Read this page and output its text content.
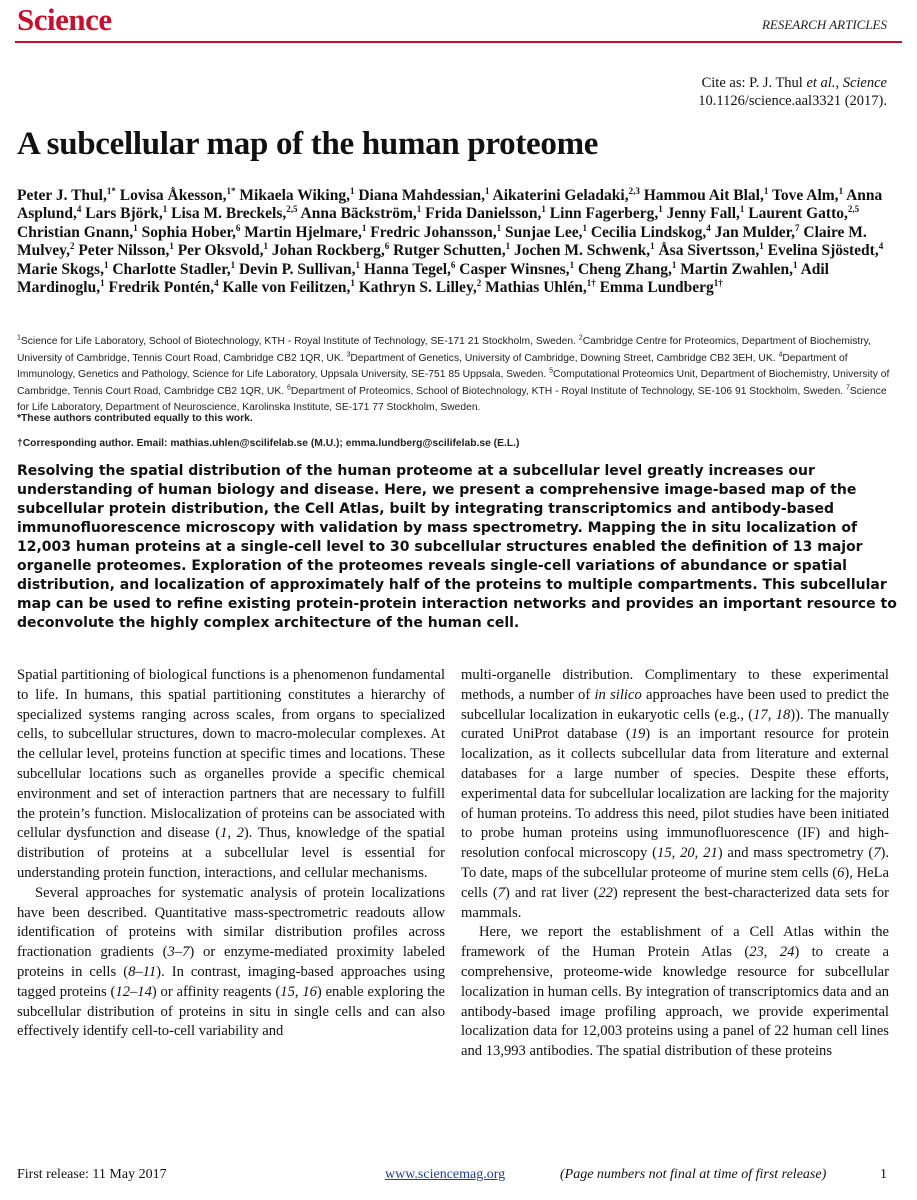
Science	RESEARCH ARTICLES
Cite as: P. J. Thul et al., Science
10.1126/science.aal3321 (2017).
A subcellular map of the human proteome
Peter J. Thul,$^{1*}$ Lovisa Åkesson,$^{1*}$ Mikaela Wiking,$^1$ Diana Mahdessian,$^1$ Aikaterini Geladaki,$^{2,3}$ Hammou Ait Blal,$^1$ Tove Alm,$^1$ Anna Asplund,$^4$ Lars Björk,$^1$ Lisa M. Breckels,$^{2,5}$ Anna Bäckström,$^1$ Frida Danielsson,$^1$ Linn Fagerberg,$^1$ Jenny Fall,$^1$ Laurent Gatto,$^{2,5}$ Christian Gnann,$^1$ Sophia Hober,$^6$ Martin Hjelmare,$^1$ Fredric Johansson,$^1$ Sunjae Lee,$^1$ Cecilia Lindskog,$^4$ Jan Mulder,$^7$ Claire M. Mulvey,$^2$ Peter Nilsson,$^1$ Per Oksvold,$^1$ Johan Rockberg,$^6$ Rutger Schutten,$^1$ Jochen M. Schwenk,$^1$ Åsa Sivertsson,$^1$ Evelina Sjöstedt,$^4$ Marie Skogs,$^1$ Charlotte Stadler,$^1$ Devin P. Sullivan,$^1$ Hanna Tegel,$^6$ Casper Winsnes,$^1$ Cheng Zhang,$^1$ Martin Zwahlen,$^1$ Adil Mardinoglu,$^1$ Fredrik Pontén,$^4$ Kalle von Feilitzen,$^1$ Kathryn S. Lilley,$^2$ Mathias Uhlén,$^{1\dagger}$ Emma Lundberg$^{1\dagger}$
$^1$Science for Life Laboratory, School of Biotechnology, KTH - Royal Institute of Technology, SE-171 21 Stockholm, Sweden. $^2$Cambridge Centre for Proteomics, Department of Biochemistry, University of Cambridge, Tennis Court Road, Cambridge CB2 1QR, UK. $^3$Department of Genetics, University of Cambridge, Downing Street, Cambridge CB2 3EH, UK. $^4$Department of Immunology, Genetics and Pathology, Science for Life Laboratory, Uppsala University, SE-751 85 Uppsala, Sweden. $^5$Computational Proteomics Unit, Department of Biochemistry, University of Cambridge, Tennis Court Road, Cambridge CB2 1QR, UK. $^6$Department of Proteomics, School of Biotechnology, KTH - Royal Institute of Technology, SE-106 91 Stockholm, Sweden. $^7$Science for Life Laboratory, Department of Neuroscience, Karolinska Institute, SE-171 77 Stockholm, Sweden.
*These authors contributed equally to this work.
†Corresponding author. Email: mathias.uhlen@scilifelab.se (M.U.); emma.lundberg@scilifelab.se (E.L.)
Resolving the spatial distribution of the human proteome at a subcellular level greatly increases our understanding of human biology and disease. Here, we present a comprehensive image-based map of the subcellular protein distribution, the Cell Atlas, built by integrating transcriptomics and antibody-based immunofluorescence microscopy with validation by mass spectrometry. Mapping the in situ localization of 12,003 human proteins at a single-cell level to 30 subcellular structures enabled the definition of 13 major organelle proteomes. Exploration of the proteomes reveals single-cell variations of abundance or spatial distribution, and localization of approximately half of the proteins to multiple compartments. This subcellular map can be used to refine existing protein-protein interaction networks and provides an important resource to deconvolute the highly complex architecture of the human cell.

Spatial partitioning of biological functions is a phenomenon fundamental to life. In humans, this spatial partitioning constitutes a hierarchy of specialized systems ranging across scales, from organs to specialized cells, to subcellular structures, down to macro-molecular complexes. At the cellular level, proteins function at specific times and locations. These subcellular locations such as organelles provide a specific chemical environment and set of interaction partners that are necessary to fulfill the protein’s function. Mislocalization of proteins can be associated with cellular dysfunction and disease (1, 2). Thus, knowledge of the spatial distribution of proteins at a subcellular level is essential for understanding protein function, interactions, and cellular mechanisms.

Several approaches for systematic analysis of protein localizations have been described. Quantitative mass-spectrometric readouts allow identification of proteins with similar distribution profiles across fractionation gradients (3–7) or enzyme-mediated proximity labeled proteins in cells (8–11). In contrast, imaging-based approaches using tagged proteins (12–14) or affinity reagents (15, 16) enable exploring the subcellular distribution of proteins in situ in single cells and can also effectively identify cell-to-cell variability and

multi-organelle distribution. Complimentary to these experimental methods, a number of in silico approaches have been used to predict the subcellular localization in eukaryotic cells (e.g., (17, 18)). The manually curated UniProt database (19) is an important resource for protein localization, as it collects subcellular data from literature and external databases for a large number of species. Despite these efforts, experimental data for subcellular localization are lacking for the majority of human proteins. To address this need, pilot studies have been initiated to probe human proteins using immunofluorescence (IF) and high-resolution confocal microscopy (15, 20, 21) and mass spectrometry (7). To date, maps of the subcellular proteome of murine stem cells (6), HeLa cells (7) and rat liver (22) represent the best-characterized data sets for mammals.

Here, we report the establishment of a Cell Atlas within the framework of the Human Protein Atlas (23, 24) to create a comprehensive, proteome-wide knowledge resource for subcellular localization in human cells. By integration of transcriptomics data and an antibody-based image profiling approach, we provide experimental localization data for 12,003 proteins using a panel of 22 human cell lines and 13,993 antibodies. The spatial distribution of these proteins

First release: 11 May 2017	www.sciencemag.org	(Page numbers not final at time of first release)	1
